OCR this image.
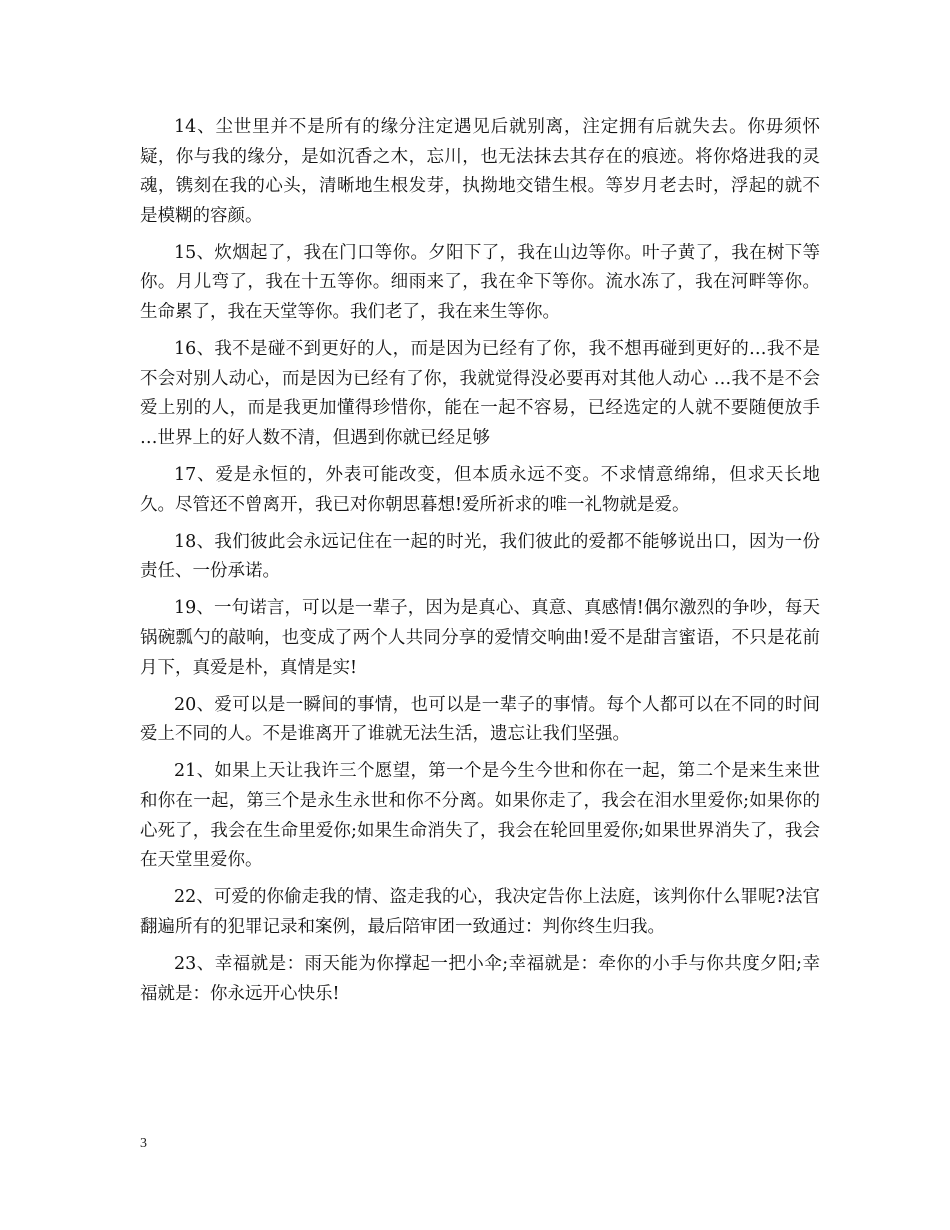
14、尘世里并不是所有的缘分注定遇见后就别离，注定拥有后就失去。你毋须怀疑，你与我的缘分，是如沉香之木，忘川，也无法抹去其存在的痕迹。将你烙进我的灵魂，镌刻在我的心头，清晰地生根发芽，执拗地交错生根。等岁月老去时，浮起的就不是模糊的容颜。

15、炊烟起了，我在门口等你。夕阳下了，我在山边等你。叶子黄了，我在树下等你。月儿弯了，我在十五等你。细雨来了，我在伞下等你。流水冻了，我在河畔等你。生命累了，我在天堂等你。我们老了，我在来生等你。

16、我不是碰不到更好的人，而是因为已经有了你，我不想再碰到更好的…我不是不会对别人动心，而是因为已经有了你，我就觉得没必要再对其他人动心 …我不是不会爱上别的人，而是我更加懂得珍惜你，能在一起不容易，已经选定的人就不要随便放手 …世界上的好人数不清，但遇到你就已经足够

17、爱是永恒的，外表可能改变，但本质永远不变。不求情意绵绵，但求天长地久。尽管还不曾离开，我已对你朝思暮想!爱所祈求的唯一礼物就是爱。

18、我们彼此会永远记住在一起的时光，我们彼此的爱都不能够说出口，因为一份责任、一份承诺。

19、一句诺言，可以是一辈子，因为是真心、真意、真感情!偶尔激烈的争吵，每天锅碗瓢勺的敲响，也变成了两个人共同分享的爱情交响曲!爱不是甜言蜜语，不只是花前月下，真爱是朴，真情是实!

20、爱可以是一瞬间的事情，也可以是一辈子的事情。每个人都可以在不同的时间爱上不同的人。不是谁离开了谁就无法生活，遗忘让我们坚强。

21、如果上天让我许三个愿望，第一个是今生今世和你在一起，第二个是来生来世和你在一起，第三个是永生永世和你不分离。如果你走了，我会在泪水里爱你;如果你的心死了，我会在生命里爱你;如果生命消失了，我会在轮回里爱你;如果世界消失了，我会在天堂里爱你。

22、可爱的你偷走我的情、盗走我的心，我决定告你上法庭，该判你什么罪呢?法官翻遍所有的犯罪记录和案例，最后陪审团一致通过：判你终生归我。

23、幸福就是：雨天能为你撑起一把小伞;幸福就是：牵你的小手与你共度夕阳;幸福就是：你永远开心快乐!

3
